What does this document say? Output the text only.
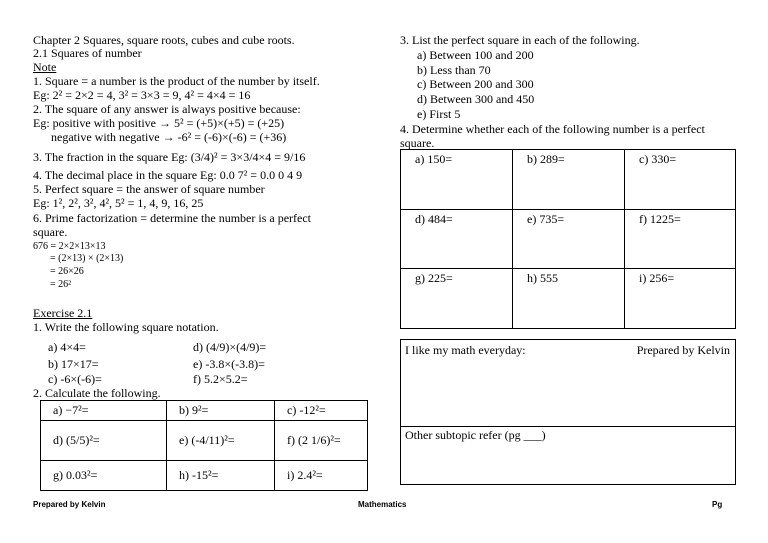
Chapter 2 Squares, square roots, cubes and cube roots.
2.1 Squares of number
Note
1. Square = a number is the product of the number by itself.
Eg: 2² = 2×2 = 4, 3² = 3×3 = 9, 4² = 4×4 = 16
2. The square of any answer is always positive because:
Eg: positive with positive → 5² = (+5)×(+5) = (+25)
negative with negative → -6² = (-6)×(-6) = (+36)
3. The fraction in the square Eg: (3/4)² = 3×3/4×4 = 9/16
4. The decimal place in the square Eg: 0.0 7² = 0.0 0 4 9
5. Perfect square = the answer of square number
Eg: 1², 2², 3², 4², 5² = 1, 4, 9, 16, 25
6. Prime factorization = determine the number is a perfect
square.
676 = 2×2×13×13
= (2×13) × (2×13)
= 26×26
= 26²
Exercise 2.1
1. Write the following square notation.
a) 4×4=	d) (4/9)×(4/9)=
b) 17×17=	e) -3.8×(-3.8)=
c) -6×(-6)=	f) 5.2×5.2=
2. Calculate the following.
a) −7²=	b) 9²=	c) -12²=
d) (5/5)²=	e) (-4/11)²=	f) (2 1/6)²=
g) 0.03²=	h) -15²=	i) 2.4²=
3. List the perfect square in each of the following.
a) Between 100 and 200
b) Less than 70
c) Between 200 and 300
d) Between 300 and 450
e) First 5
4. Determine whether each of the following number is a perfect
square.
a) 150=	b) 289=	c) 330=
d) 484=	e) 735=	f) 1225=
g) 225=	h) 555	i) 256=
I like my math everyday:	Prepared by Kelvin
Other subtopic refer (pg ___)
Prepared by Kelvin	Mathematics	Pg
